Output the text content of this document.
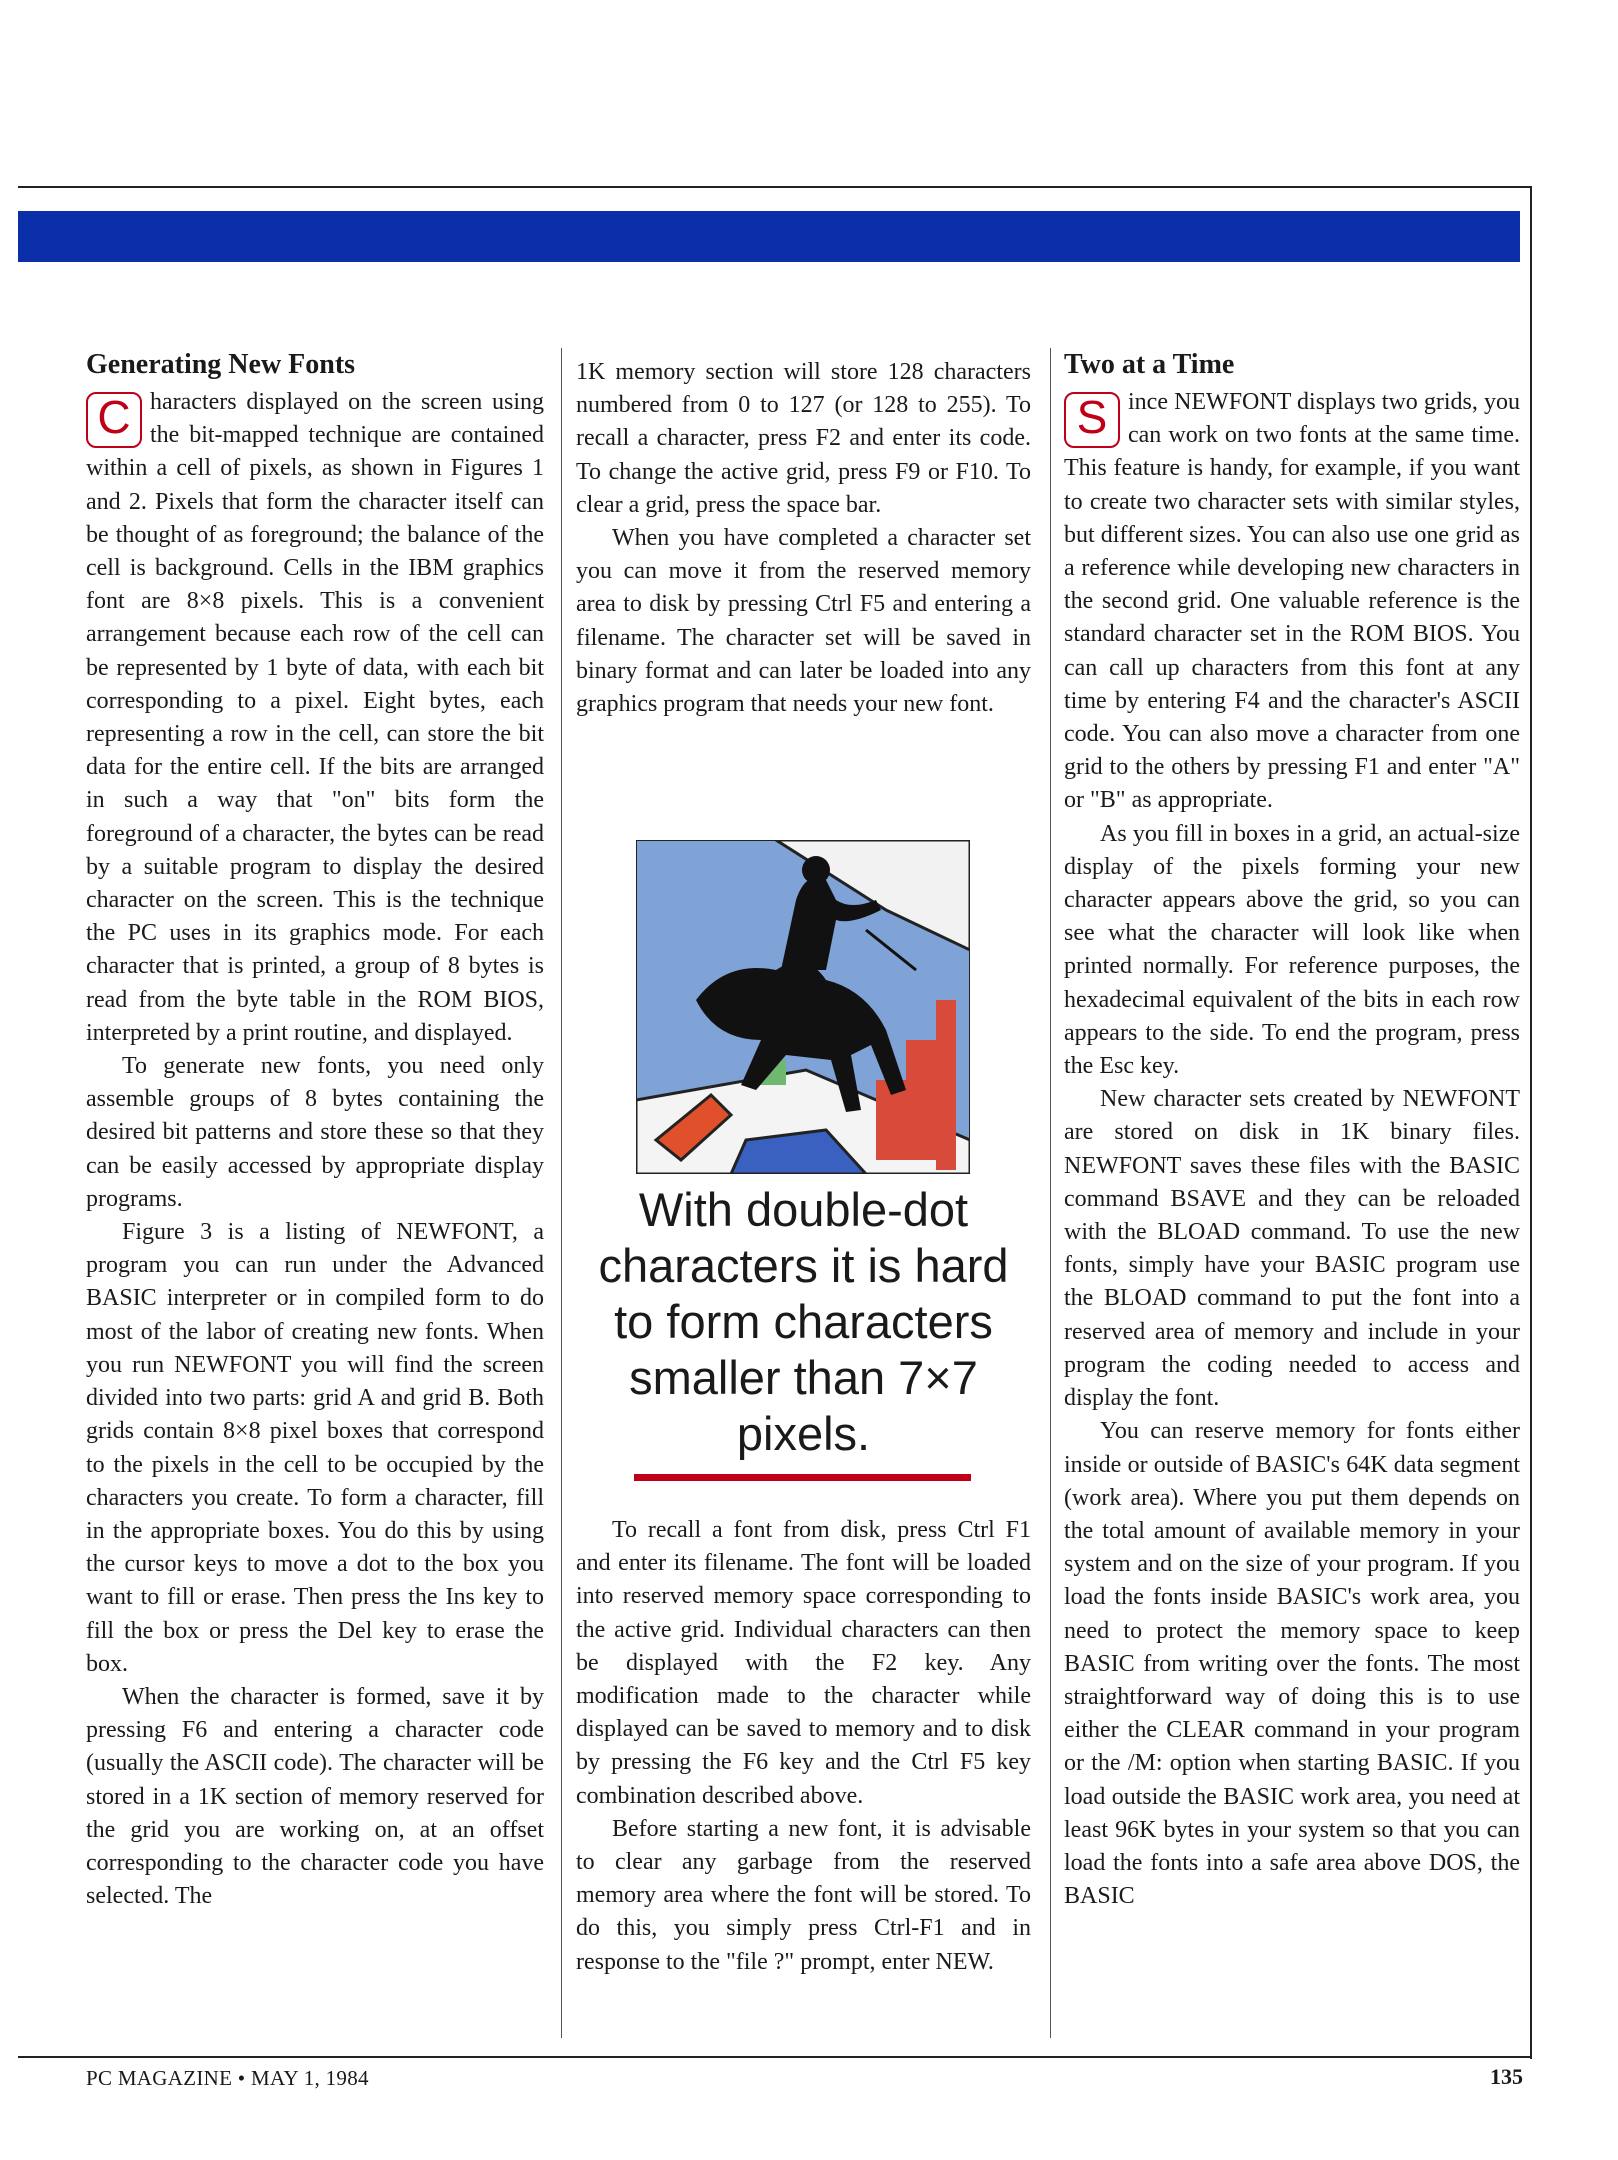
Generating New Fonts

C haracters displayed on the screen using the bit-mapped technique are contained within a cell of pixels, as shown in Figures 1 and 2. Pixels that form the character itself can be thought of as foreground; the balance of the cell is background. Cells in the IBM graphics font are 8×8 pixels. This is a convenient arrangement because each row of the cell can be represented by 1 byte of data, with each bit corresponding to a pixel. Eight bytes, each representing a row in the cell, can store the bit data for the entire cell. If the bits are arranged in such a way that "on" bits form the foreground of a character, the bytes can be read by a suitable program to display the desired character on the screen. This is the technique the PC uses in its graphics mode. For each character that is printed, a group of 8 bytes is read from the byte table in the ROM BIOS, interpreted by a print routine, and displayed.

To generate new fonts, you need only assemble groups of 8 bytes containing the desired bit patterns and store these so that they can be easily accessed by appropriate display programs.

Figure 3 is a listing of NEWFONT, a program you can run under the Advanced BASIC interpreter or in compiled form to do most of the labor of creating new fonts. When you run NEWFONT you will find the screen divided into two parts: grid A and grid B. Both grids contain 8×8 pixel boxes that correspond to the pixels in the cell to be occupied by the characters you create. To form a character, fill in the appropriate boxes. You do this by using the cursor keys to move a dot to the box you want to fill or erase. Then press the Ins key to fill the box or press the Del key to erase the box.

When the character is formed, save it by pressing F6 and entering a character code (usually the ASCII code). The character will be stored in a 1K section of memory reserved for the grid you are working on, at an offset corresponding to the character code you have selected. The

1K memory section will store 128 characters numbered from 0 to 127 (or 128 to 255). To recall a character, press F2 and enter its code. To change the active grid, press F9 or F10. To clear a grid, press the space bar.

When you have completed a character set you can move it from the reserved memory area to disk by pressing Ctrl F5 and entering a filename. The character set will be saved in binary format and can later be loaded into any graphics program that needs your new font.

With double-dot characters it is hard to form characters smaller than 7×7 pixels.

To recall a font from disk, press Ctrl F1 and enter its filename. The font will be loaded into reserved memory space corresponding to the active grid. Individual characters can then be displayed with the F2 key. Any modification made to the character while displayed can be saved to memory and to disk by pressing the F6 key and the Ctrl F5 key combination described above.

Before starting a new font, it is advisable to clear any garbage from the reserved memory area where the font will be stored. To do this, you simply press Ctrl-F1 and in response to the "file ?" prompt, enter NEW.

Two at a Time

S ince NEWFONT displays two grids, you can work on two fonts at the same time. This feature is handy, for example, if you want to create two character sets with similar styles, but different sizes. You can also use one grid as a reference while developing new characters in the second grid. One valuable reference is the standard character set in the ROM BIOS. You can call up characters from this font at any time by entering F4 and the character's ASCII code. You can also move a character from one grid to the others by pressing F1 and enter "A" or "B" as appropriate.

As you fill in boxes in a grid, an actual-size display of the pixels forming your new character appears above the grid, so you can see what the character will look like when printed normally. For reference purposes, the hexadecimal equivalent of the bits in each row appears to the side. To end the program, press the Esc key.

New character sets created by NEWFONT are stored on disk in 1K binary files. NEWFONT saves these files with the BASIC command BSAVE and they can be reloaded with the BLOAD command. To use the new fonts, simply have your BASIC program use the BLOAD command to put the font into a reserved area of memory and include in your program the coding needed to access and display the font.

You can reserve memory for fonts either inside or outside of BASIC's 64K data segment (work area). Where you put them depends on the total amount of available memory in your system and on the size of your program. If you load the fonts inside BASIC's work area, you need to protect the memory space to keep BASIC from writing over the fonts. The most straightforward way of doing this is to use either the CLEAR command in your program or the /M: option when starting BASIC. If you load outside the BASIC work area, you need at least 96K bytes in your system so that you can load the fonts into a safe area above DOS, the BASIC

PC MAGAZINE • MAY 1, 1984	135
